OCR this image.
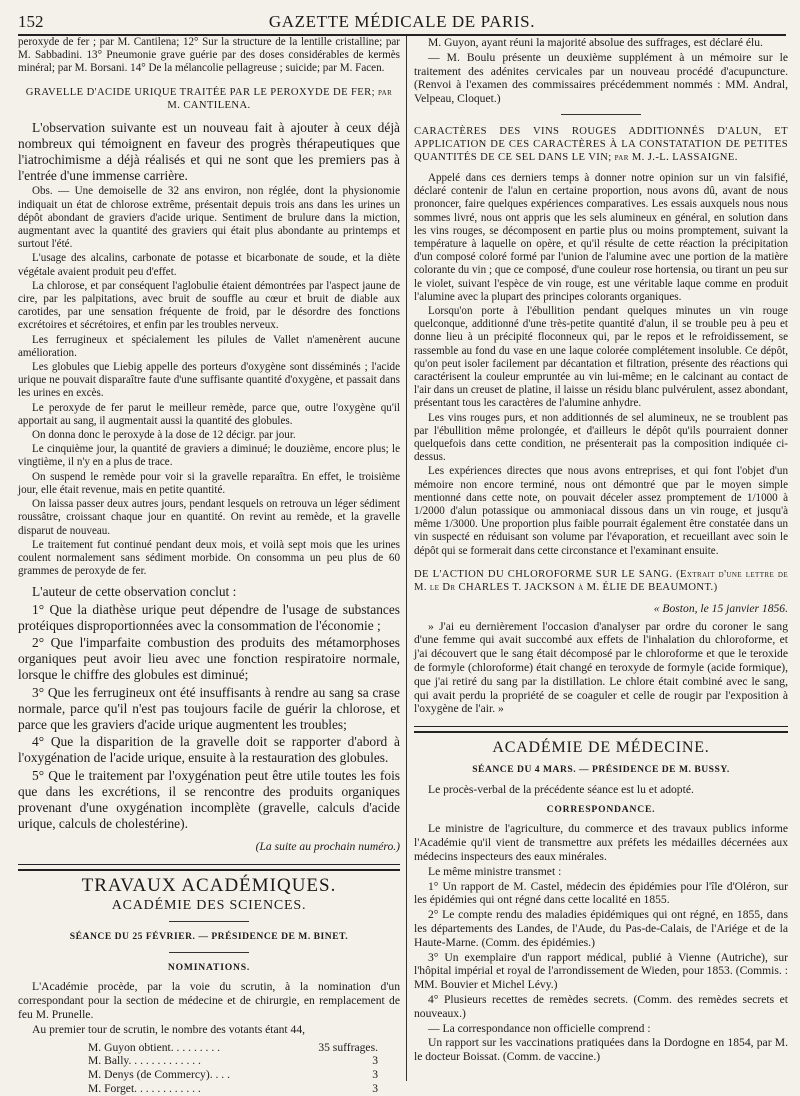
152	GAZETTE MÉDICALE DE PARIS.

peroxyde de fer ; par M. Cantilena; 12° Sur la structure de la lentille cristalline; par M. Sabbadini. 13° Pneumonie grave guérie par des doses considérables de kermès minéral; par M. Borsani. 14° De la mélancolie pellagreuse ; suicide; par M. Facen.

GRAVELLE D'ACIDE URIQUE TRAITÉE PAR LE PEROXYDE DE FER; par M. CANTILENA.

L'observation suivante est un nouveau fait à ajouter à ceux déjà nombreux qui témoignent en faveur des progrès thérapeutiques que l'iatrochimisme a déjà réalisés et qui ne sont que les premiers pas à l'entrée d'une immense carrière.

Obs. — Une demoiselle de 32 ans environ, non réglée, dont la physionomie indiquait un état de chlorose extrême, présentait depuis trois ans dans les urines un dépôt abondant de graviers d'acide urique. Sentiment de brulure dans la miction, augmentant avec la quantité des graviers qui était plus abondante au printemps et surtout l'été.

L'usage des alcalins, carbonate de potasse et bicarbonate de soude, et la diète végétale avaient produit peu d'effet.

La chlorose, et par conséquent l'aglobulie étaient démontrées par l'aspect jaune de cire, par les palpitations, avec bruit de souffle au cœur et bruit de diable aux carotides, par une sensation fréquente de froid, par le désordre des fonctions excrétoires et sécrétoires, et enfin par les troubles nerveux.

Les ferrugineux et spécialement les pilules de Vallet n'amenèrent aucune amélioration.

Les globules que Liebig appelle des porteurs d'oxygène sont disséminés ; l'acide urique ne pouvait disparaître faute d'une suffisante quantité d'oxygène, et passait dans les urines en excès.

Le peroxyde de fer parut le meilleur remède, parce que, outre l'oxygène qu'il apportait au sang, il augmentait aussi la quantité des globules.

On donna donc le peroxyde à la dose de 12 décigr. par jour.

Le cinquième jour, la quantité de graviers a diminué; le douzième, encore plus; le vingtième, il n'y en a plus de trace.

On suspend le remède pour voir si la gravelle reparaîtra. En effet, le troisième jour, elle était revenue, mais en petite quantité.

On laissa passer deux autres jours, pendant lesquels on retrouva un léger sédiment roussâtre, croissant chaque jour en quantité. On revint au remède, et la gravelle disparut de nouveau.

Le traitement fut continué pendant deux mois, et voilà sept mois que les urines coulent normalement sans sédiment morbide. On consomma un peu plus de 60 grammes de peroxyde de fer.

L'auteur de cette observation conclut :

1° Que la diathèse urique peut dépendre de l'usage de substances protéiques disproportionnées avec la consommation de l'économie ;

2° Que l'imparfaite combustion des produits des métamorphoses organiques peut avoir lieu avec une fonction respiratoire normale, lorsque le chiffre des globules est diminué;

3° Que les ferrugineux ont été insuffisants à rendre au sang sa crase normale, parce qu'il n'est pas toujours facile de guérir la chlorose, et parce que les graviers d'acide urique augmentent les troubles;

4° Que la disparition de la gravelle doit se rapporter d'abord à l'oxygénation de l'acide urique, ensuite à la restauration des globules.

5° Que le traitement par l'oxygénation peut être utile toutes les fois que dans les excrétions, il se rencontre des produits organiques provenant d'une oxygénation incomplète (gravelle, calculs d'acide urique, calculs de cholestérine).

(La suite au prochain numéro.)
TRAVAUX ACADÉMIQUES.
ACADÉMIE DES SCIENCES.
SÉANCE DU 25 FÉVRIER. — PRÉSIDENCE DE M. BINET.
NOMINATIONS.

L'Académie procède, par la voie du scrutin, à la nomination d'un correspondant pour la section de médecine et de chirurgie, en remplacement de feu M. Prunelle.

Au premier tour de scrutin, le nombre des votants étant 44,

M. Guyon obtient. . . . . . . . .	35 suffrages.
M. Bally. . . . . . . . . . . . .	3
M. Denys (de Commercy). . . .	3
M. Forget. . . . . . . . . . . .	3

M. Guyon, ayant réuni la majorité absolue des suffrages, est déclaré élu.

— M. Boulu présente un deuxième supplément à un mémoire sur le traitement des adénites cervicales par un nouveau procédé d'acupuncture. (Renvoi à l'examen des commissaires précédemment nommés : MM. Andral, Velpeau, Cloquet.)

CARACTÈRES DES VINS ROUGES ADDITIONNÉS D'ALUN, ET APPLICATION DE CES CARACTÈRES À LA CONSTATATION DE PETITES QUANTITÉS DE CE SEL DANS LE VIN; par M. J.-L. LASSAIGNE.

Appelé dans ces derniers temps à donner notre opinion sur un vin falsifié, déclaré contenir de l'alun en certaine proportion, nous avons dû, avant de nous prononcer, faire quelques expériences comparatives. Les essais auxquels nous nous sommes livré, nous ont appris que les sels alumineux en général, en solution dans les vins rouges, se décomposent en partie plus ou moins promptement, suivant la température à laquelle on opère, et qu'il résulte de cette réaction la précipitation d'un composé coloré formé par l'union de l'alumine avec une portion de la matière colorante du vin ; que ce composé, d'une couleur rose hortensia, ou tirant un peu sur le violet, suivant l'espèce de vin rouge, est une véritable laque comme en produit l'alumine avec la plupart des principes colorants organiques.

Lorsqu'on porte à l'ébullition pendant quelques minutes un vin rouge quelconque, additionné d'une très-petite quantité d'alun, il se trouble peu à peu et donne lieu à un précipité floconneux qui, par le repos et le refroidissement, se rassemble au fond du vase en une laque colorée complétement insoluble. Ce dépôt, qu'on peut isoler facilement par décantation et filtration, présente des réactions qui caractérisent la couleur empruntée au vin lui-même; en le calcinant au contact de l'air dans un creuset de platine, il laisse un résidu blanc pulvérulent, assez abondant, présentant tous les caractères de l'alumine anhydre.

Les vins rouges purs, et non additionnés de sel alumineux, ne se troublent pas par l'ébullition même prolongée, et d'ailleurs le dépôt qu'ils pourraient donner quelquefois dans cette condition, ne présenterait pas la composition indiquée ci-dessus.

Les expériences directes que nous avons entreprises, et qui font l'objet d'un mémoire non encore terminé, nous ont démontré que par le moyen simple mentionné dans cette note, on pouvait déceler assez promptement de 1/1000 à 1/2000 d'alun potassique ou ammoniacal dissous dans un vin rouge, et jusqu'à même 1/3000. Une proportion plus faible pourrait également être constatée dans un vin suspecté en réduisant son volume par l'évaporation, et recueillant avec soin le dépôt qui se formerait dans cette circonstance et l'examinant ensuite.

DE L'ACTION DU CHLOROFORME SUR LE SANG. (Extrait d'une lettre de M. le Dr CHARLES T. JACKSON à M. ÉLIE DE BEAUMONT.)
« Boston, le 15 janvier 1856.

» J'ai eu dernièrement l'occasion d'analyser par ordre du coroner le sang d'une femme qui avait succombé aux effets de l'inhalation du chloroforme, et j'ai découvert que le sang était décomposé par le chloroforme et que le teroxide de formyle (chloroforme) était changé en teroxyde de formyle (acide formique), que j'ai retiré du sang par la distillation. Le chlore était combiné avec le sang, qui avait perdu la propriété de se coaguler et celle de rougir par l'exposition à l'oxygène de l'air. »

ACADÉMIE DE MÉDECINE.
SÉANCE DU 4 MARS. — PRÉSIDENCE DE M. BUSSY.

Le procès-verbal de la précédente séance est lu et adopté.

CORRESPONDANCE.

Le ministre de l'agriculture, du commerce et des travaux publics informe l'Académie qu'il vient de transmettre aux préfets les médailles décernées aux médecins inspecteurs des eaux minérales.

Le même ministre transmet :

1° Un rapport de M. Castel, médecin des épidémies pour l'île d'Oléron, sur les épidémies qui ont régné dans cette localité en 1855.

2° Le compte rendu des maladies épidémiques qui ont régné, en 1855, dans les départements des Landes, de l'Aude, du Pas-de-Calais, de l'Ariége et de la Haute-Marne. (Comm. des épidémies.)

3° Un exemplaire d'un rapport médical, publié à Vienne (Autriche), sur l'hôpital impérial et royal de l'arrondissement de Wieden, pour 1853. (Commis. : MM. Bouvier et Michel Lévy.)

4° Plusieurs recettes de remèdes secrets. (Comm. des remèdes secrets et nouveaux.)

— La correspondance non officielle comprend :

Un rapport sur les vaccinations pratiquées dans la Dordogne en 1854, par M. le docteur Boissat. (Comm. de vaccine.)
